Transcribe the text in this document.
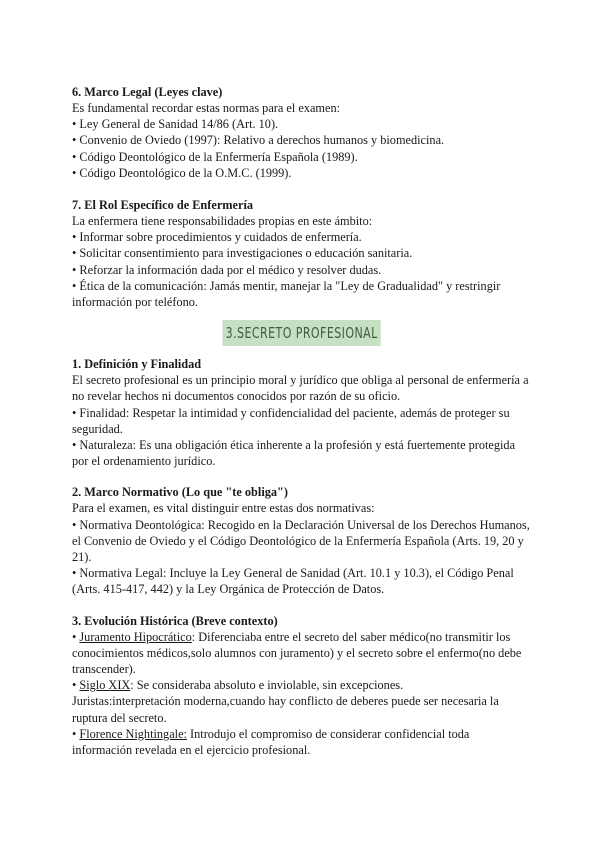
6. Marco Legal (Leyes clave)

Es fundamental recordar estas normas para el examen:

• Ley General de Sanidad 14/86 (Art. 10).

• Convenio de Oviedo (1997): Relativo a derechos humanos y biomedicina.

• Código Deontológico de la Enfermería Española (1989).

• Código Deontológico de la O.M.C. (1999).

7. El Rol Específico de Enfermería

La enfermera tiene responsabilidades propias en este ámbito:

• Informar sobre procedimientos y cuidados de enfermería.

• Solicitar consentimiento para investigaciones o educación sanitaria.

• Reforzar la información dada por el médico y resolver dudas.

• Ética de la comunicación: Jamás mentir, manejar la "Ley de Gradualidad" y restringir información por teléfono.

3.SECRETO PROFESIONAL

1. Definición y Finalidad

El secreto profesional es un principio moral y jurídico que obliga al personal de enfermería a no revelar hechos ni documentos conocidos por razón de su oficio.

• Finalidad: Respetar la intimidad y confidencialidad del paciente, además de proteger su seguridad.

• Naturaleza: Es una obligación ética inherente a la profesión y está fuertemente protegida por el ordenamiento jurídico.

2. Marco Normativo (Lo que "te obliga")

Para el examen, es vital distinguir entre estas dos normativas:

• Normativa Deontológica: Recogido en la Declaración Universal de los Derechos Humanos, el Convenio de Oviedo y el Código Deontológico de la Enfermería Española (Arts. 19, 20 y 21).

• Normativa Legal: Incluye la Ley General de Sanidad (Art. 10.1 y 10.3), el Código Penal (Arts. 415-417, 442) y la Ley Orgánica de Protección de Datos.

3. Evolución Histórica (Breve contexto)

• Juramento Hipocrático: Diferenciaba entre el secreto del saber médico(no transmitir los conocimientos médicos,solo alumnos con juramento) y el secreto sobre el enfermo(no debe transcender).

• Siglo XIX: Se consideraba absoluto e inviolable, sin excepciones.

Juristas:interpretación moderna,cuando hay conflicto de deberes puede ser necesaria la ruptura del secreto.

• Florence Nightingale: Introdujo el compromiso de considerar confidencial toda información revelada en el ejercicio profesional.
